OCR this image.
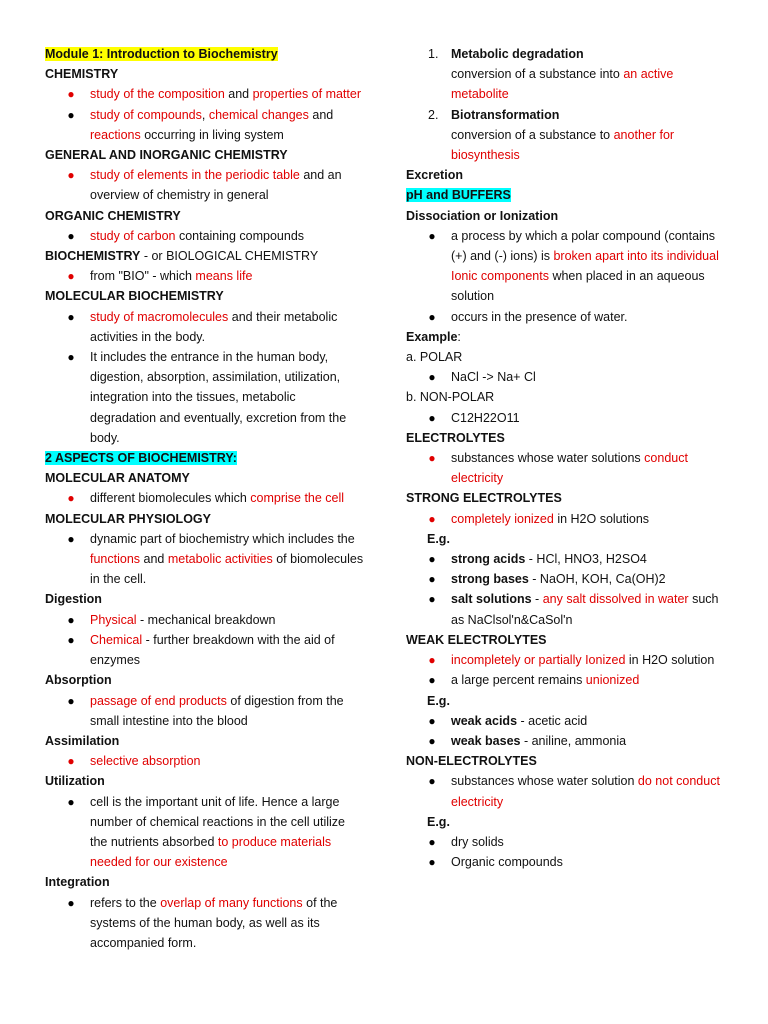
Module 1: Introduction to Biochemistry
CHEMISTRY
● study of the composition and properties of matter
● study of compounds, chemical changes and reactions occurring in living system
GENERAL AND INORGANIC CHEMISTRY
● study of elements in the periodic table and an overview of chemistry in general
ORGANIC CHEMISTRY
● study of carbon containing compounds
BIOCHEMISTRY - or BIOLOGICAL CHEMISTRY
● from "BIO" - which means life
MOLECULAR BIOCHEMISTRY
● study of macromolecules and their metabolic activities in the body.
● It includes the entrance in the human body, digestion, absorption, assimilation, utilization, integration into the tissues, metabolic degradation and eventually, excretion from the body.
2 ASPECTS OF BIOCHEMISTRY:
MOLECULAR ANATOMY
● different biomolecules which comprise the cell
MOLECULAR PHYSIOLOGY
● dynamic part of biochemistry which includes the functions and metabolic activities of biomolecules in the cell.
Digestion
● Physical - mechanical breakdown
● Chemical - further breakdown with the aid of enzymes
Absorption
● passage of end products of digestion from the small intestine into the blood
Assimilation
● selective absorption
Utilization
● cell is the important unit of life. Hence a large number of chemical reactions in the cell utilize the nutrients absorbed to produce materials needed for our existence
Integration
● refers to the overlap of many functions of the systems of the human body, as well as its accompanied form.
1. Metabolic degradation
conversion of a substance into an active metabolite
2. Biotransformation
conversion of a substance to another for biosynthesis
Excretion
pH and BUFFERS
Dissociation or Ionization
● a process by which a polar compound (contains (+) and (-) ions) is broken apart into its individual Ionic components when placed in an aqueous solution
● occurs in the presence of water.
Example:
a. POLAR
● NaCl -> Na+ Cl
b. NON-POLAR
● C12H22O11
ELECTROLYTES
● substances whose water solutions conduct electricity
STRONG ELECTROLYTES
● completely ionized in H2O solutions
E.g.
● strong acids - HCl, HNO3, H2SO4
● strong bases - NaOH, KOH, Ca(OH)2
● salt solutions - any salt dissolved in water such as NaClsol'n&CaSol'n
WEAK ELECTROLYTES
● incompletely or partially Ionized in H2O solution
● a large percent remains unionized
E.g.
● weak acids - acetic acid
● weak bases - aniline, ammonia
NON-ELECTROLYTES
● substances whose water solution do not conduct electricity
E.g.
● dry solids
● Organic compounds
